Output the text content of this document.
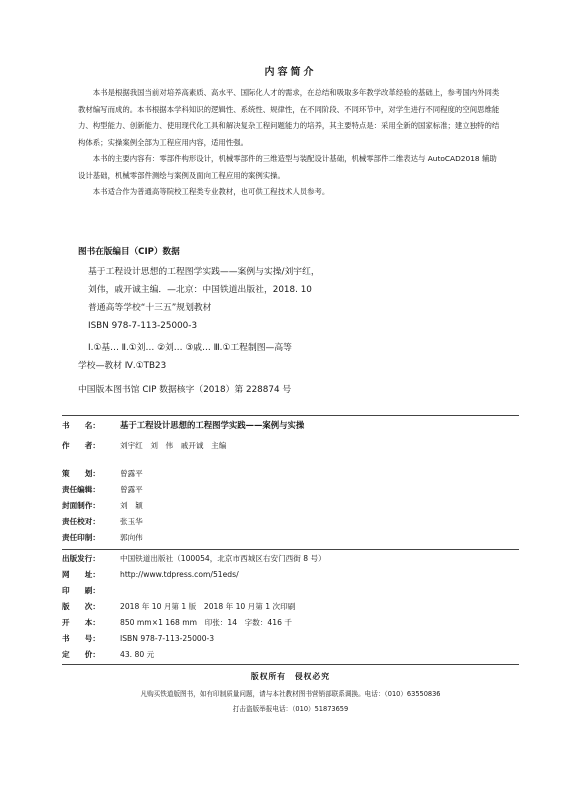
内容简介

本书是根据我国当前对培养高素质、高水平、国际化人才的需求，在总结和吸取多年教学改革经验的基础上，参考国内外同类教材编写而成的。本书根据本学科知识的逻辑性、系统性、规律性，在不同阶段、不同环节中，对学生进行不同程度的空间思维能力、构型能力、创新能力、使用现代化工具和解决复杂工程问题能力的培养，其主要特点是：采用全新的国家标准；建立独特的结构体系；实操案例全部为工程应用内容，适用性强。

本书的主要内容有：零部件构形设计，机械零部件的三维造型与装配设计基础，机械零部件二维表达与 AutoCAD2018 辅助设计基础，机械零部件测绘与案例及面向工程应用的案例实操。

本书适合作为普通高等院校工程类专业教材，也可供工程技术人员参考。

图书在版编目（CIP）数据
基于工程设计思想的工程图学实践——案例与实操/刘宇红，
刘伟，戚开诚主编．—北京：中国铁道出版社，2018. 10
普通高等学校“十三五”规划教材
ISBN 978-7-113-25000-3
Ⅰ.①基… Ⅱ.①刘… ②刘… ③戚… Ⅲ.①工程制图—高等
学校—教材 Ⅳ.①TB23
中国版本图书馆 CIP 数据核字（2018）第 228874 号
书　　名： 基于工程设计思想的工程图学实践——案例与实操
作　　者：	刘宇红　刘　伟　戚开诚　主编
策　　划：	曾露平
责任编辑：	曾露平
封面制作：	刘　颖
责任校对：	张玉华
责任印制：	郭向伟
出版发行：	中国铁道出版社（100054，北京市西城区右安门西街 8 号）
网　　址：	http://www.tdpress.com/51eds/
印　　刷：
版　　次：	2018 年 10 月第 1 版　2018 年 10 月第 1 次印刷
开　　本：	850 mm×1 168 mm　印张：14　字数：416 千
书　　号：	ISBN 978-7-113-25000-3
定　　价：	43. 80 元
版权所有　侵权必究
凡购买铁道版图书，如有印制质量问题，请与本社教材图书营销部联系调换。电话：（010）63550836
打击盗版举报电话：（010）51873659
